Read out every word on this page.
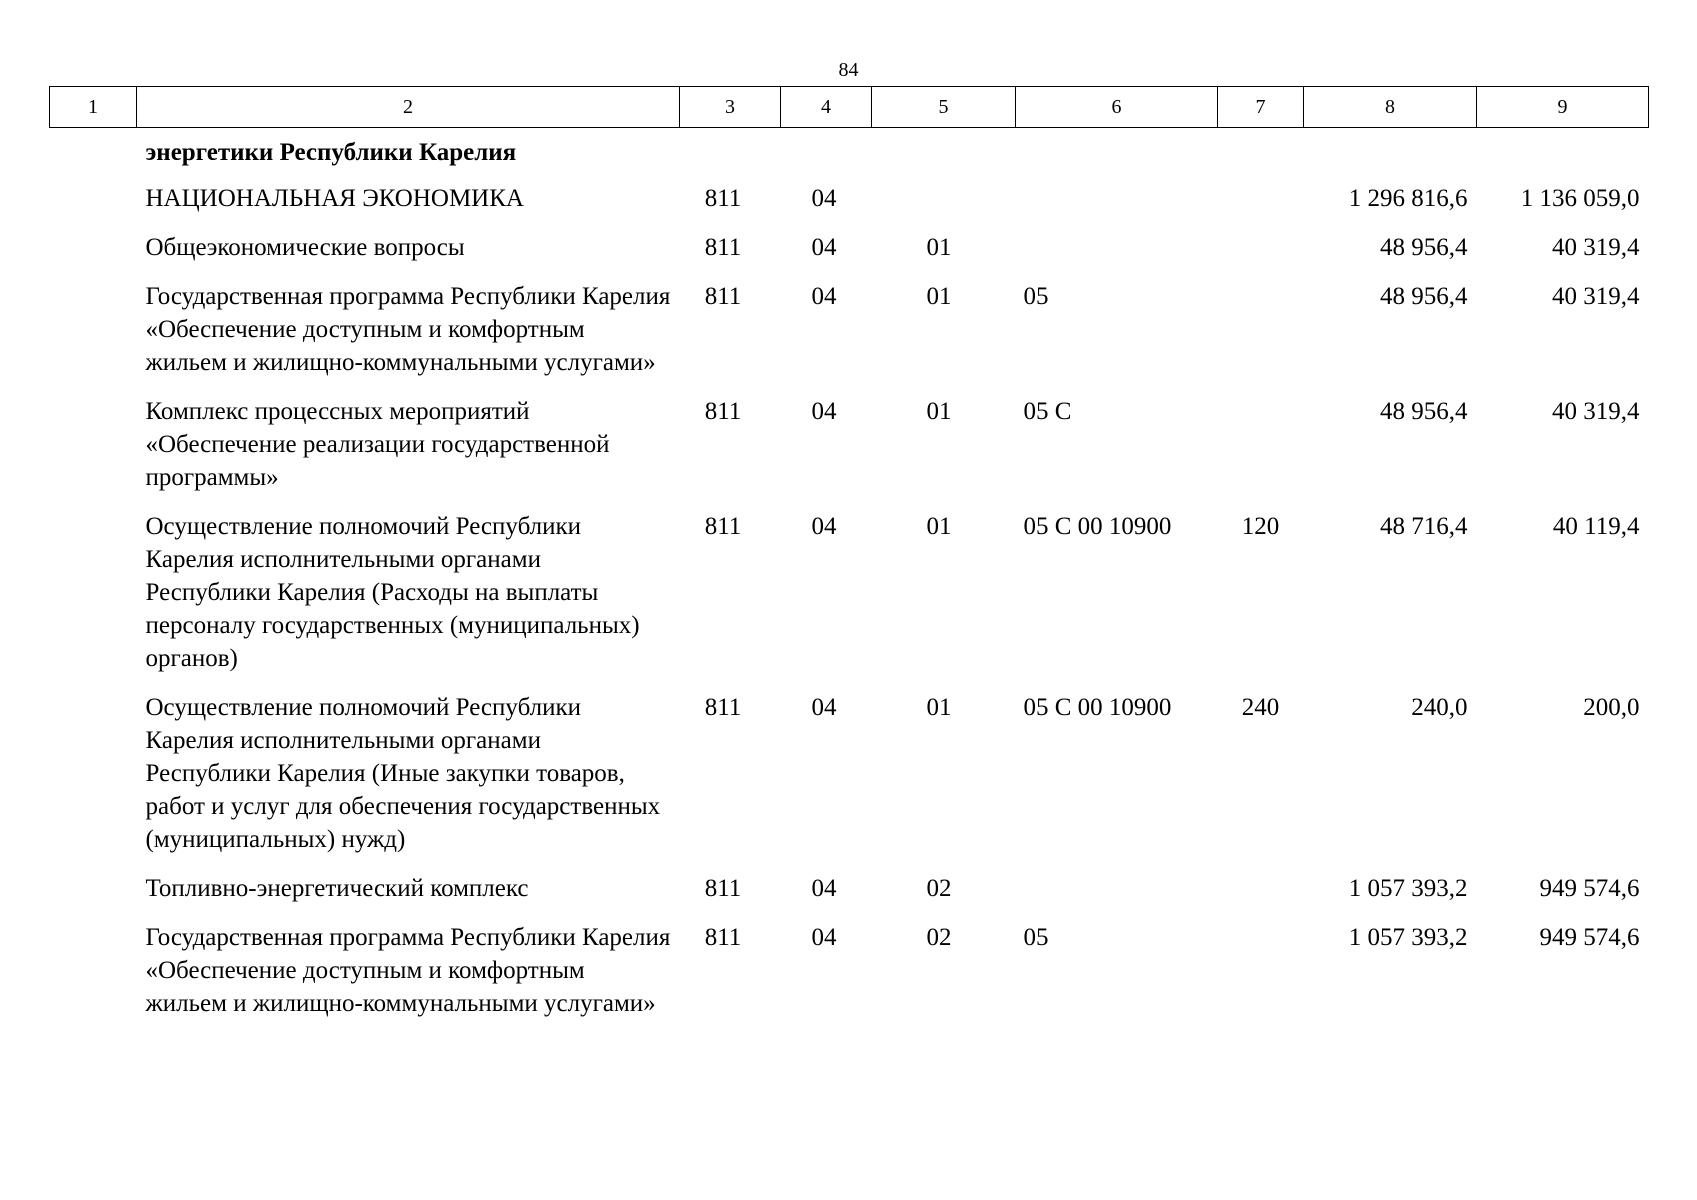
84
1	2	3	4	5	6	7	8	9
	энергетики Республики Карелия							
	НАЦИОНАЛЬНАЯ ЭКОНОМИКА	811	04				1 296 816,6	1 136 059,0
	Общеэкономические вопросы	811	04	01			48 956,4	40 319,4
	Государственная программа Республики Карелия «Обеспечение доступным и комфортным жильем и жилищно-коммунальными услугами»	811	04	01	05		48 956,4	40 319,4
	Комплекс процессных мероприятий «Обеспечение реализации государственной программы»	811	04	01	05 С		48 956,4	40 319,4
	Осуществление полномочий Республики Карелия исполнительными органами Республики Карелия (Расходы на выплаты персоналу государственных (муниципальных) органов)	811	04	01	05 С 00 10900	120	48 716,4	40 119,4
	Осуществление полномочий Республики Карелия исполнительными органами Республики Карелия (Иные закупки товаров, работ и услуг для обеспечения государственных (муниципальных) нужд)	811	04	01	05 С 00 10900	240	240,0	200,0
	Топливно-энергетический комплекс	811	04	02			1 057 393,2	949 574,6
	Государственная программа Республики Карелия «Обеспечение доступным и комфортным жильем и жилищно-коммунальными услугами»	811	04	02	05		1 057 393,2	949 574,6
